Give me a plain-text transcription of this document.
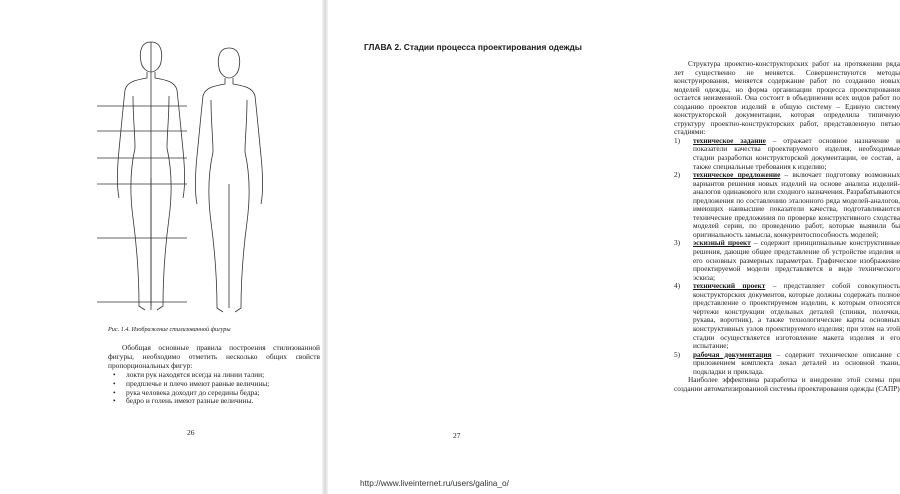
Рис. 1.4. Изображение стилизованной фигуры

Обобщая основные правила построения стилизованной фигуры, необходимо отметить несколько общих свойств пропорциональных фигур:

• локти рук находятся всегда на линии талии;
• предплечье и плечо имеют равные величины;
• рука человека доходит до середины бедра;
• бедро и голень имеют разные величины.
26

Структура проектно-конструкторских работ на протяжении ряда лет существенно не меняется. Совершенствуются методы конструирования, меняется содержание работ по созданию новых моделей одежды, но форма организации процесса проектирования остается неизменной. Она состоит в объединении всех видов работ по созданию проектов изделий в общую систему – Единую систему конструкторской документации, которая определила типичную структуру проектно-конструкторских работ, представленную пятью стадиями:

1) техническое задание – отражает основное назначение и показатели качества проектируемого изделия, необходимые стадии разработки конструкторской документации, ее состав, а также специальные требования к изделию;
2) техническое предложение – включает подготовку возможных вариантов решения новых изделий на основе анализа изделий-аналогов одинакового или сходного назначения. Разрабатываются предложения по составлению эталонного ряда моделей-аналогов, имеющих наивысшие показатели качества, подготавливаются технические предложения по проверке конструктивного сходства моделей серии, по проведению работ, которые выявили бы оригинальность замысла, конкурентоспособность моделей;
3) эскизный проект – содержит принципиальные конструктивные решения, дающие общее представление об устройстве изделия и его основных размерных параметрах. Графическое изображение проектируемой модели представляется в виде технического эскиза;
4) технический проект – представляет собой совокупность конструкторских документов, которые должны содержать полное представление о проектируемом изделии, к которым относятся чертежи конструкции отдельных деталей (спинки, полочки, рукава, воротник), а также технологические карты основных конструктивных узлов проектируемого изделия; при этом на этой стадии осуществляется изготовление макета изделия и его испытание;
5) рабочая документация – содержит техническое описание с приложением комплекта лекал деталей из основной ткани, подкладки и приклада.

Наиболее эффективна разработка и внедрение этой схемы при создании автоматизированной системы проектирования одежды (САПР)

27
ГЛАВА 2. Стадии процесса проектирования одежды
http://www.liveinternet.ru/users/galina_o/
